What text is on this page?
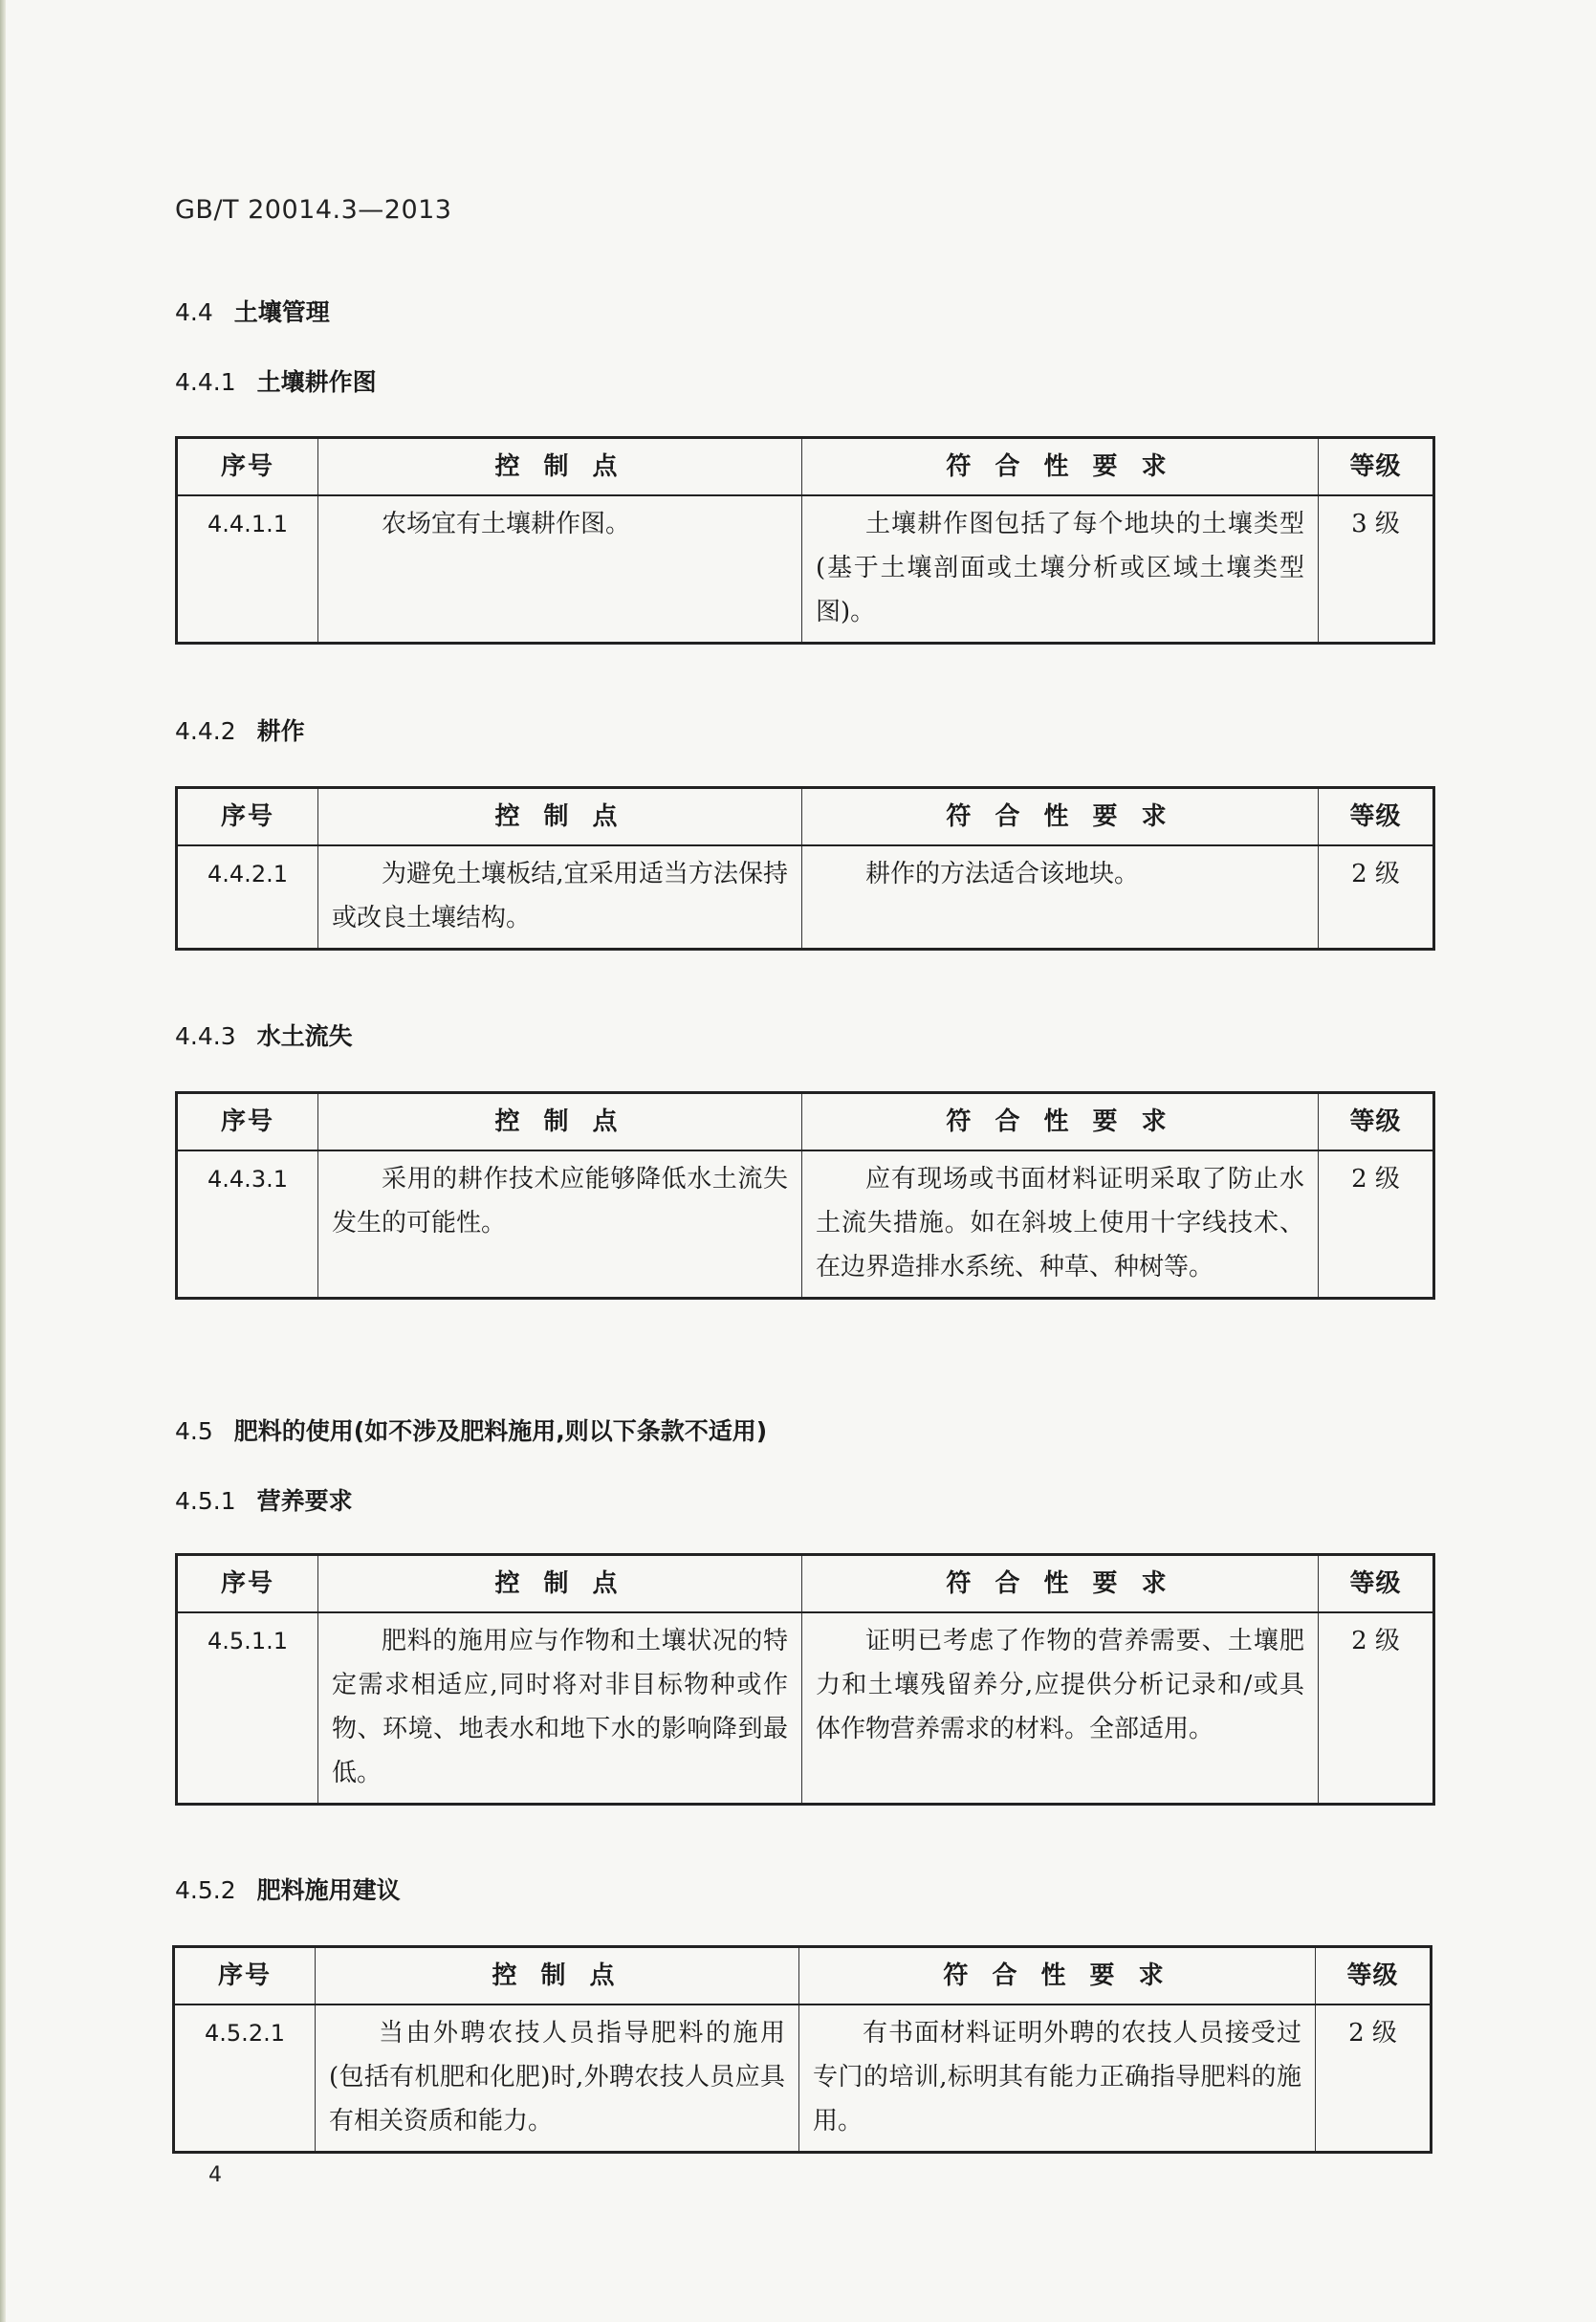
GB/T 20014.3—2013
4.4 土壤管理
4.4.1 土壤耕作图
序号	控 制 点	符 合 性 要 求	等级
4.4.1.1	农场宜有土壤耕作图。	土壤耕作图包括了每个地块的土壤类型(基于土壤剖面或土壤分析或区域土壤类型图)。	3 级
4.4.2 耕作
序号	控 制 点	符 合 性 要 求	等级
4.4.2.1	为避免土壤板结,宜采用适当方法保持或改良土壤结构。	耕作的方法适合该地块。	2 级
4.4.3 水土流失
序号	控 制 点	符 合 性 要 求	等级
4.4.3.1	采用的耕作技术应能够降低水土流失发生的可能性。	应有现场或书面材料证明采取了防止水土流失措施。如在斜坡上使用十字线技术、在边界造排水系统、种草、种树等。	2 级
4.5 肥料的使用(如不涉及肥料施用,则以下条款不适用)
4.5.1 营养要求
序号	控 制 点	符 合 性 要 求	等级
4.5.1.1	肥料的施用应与作物和土壤状况的特定需求相适应,同时将对非目标物种或作物、环境、地表水和地下水的影响降到最低。	证明已考虑了作物的营养需要、土壤肥力和土壤残留养分,应提供分析记录和/或具体作物营养需求的材料。全部适用。	2 级
4.5.2 肥料施用建议
序号	控 制 点	符 合 性 要 求	等级
4.5.2.1	当由外聘农技人员指导肥料的施用(包括有机肥和化肥)时,外聘农技人员应具有相关资质和能力。	有书面材料证明外聘的农技人员接受过专门的培训,标明其有能力正确指导肥料的施用。	2 级
4
